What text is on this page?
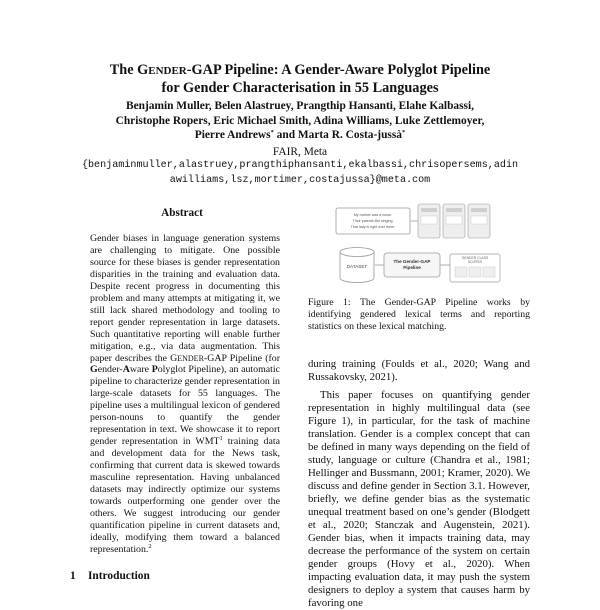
The GENDER-GAP Pipeline: A Gender-Aware Polyglot Pipeline
for Gender Characterisation in 55 Languages
Benjamin Muller, Belen Alastruey, Prangthip Hansanti, Elahe Kalbassi,
Christophe Ropers, Eric Michael Smith, Adina Williams, Luke Zettlemoyer,
Pierre Andrews* and Marta R. Costa-jussà*
FAIR, Meta
{benjaminmuller,alastruey,prangthiphansanti,ekalbassi,chrisopersems,adinawilliams,lsz,mortimer,costajussa}@meta.com
Abstract

Gender biases in language generation systems are challenging to mitigate. One possible source for these biases is gender representation disparities in the training and evaluation data. Despite recent progress in documenting this problem and many attempts at mitigating it, we still lack shared methodology and tooling to report gender representation in large datasets. Such quantitative reporting will enable further mitigation, e.g., via data augmentation. This paper describes the GENDER-GAP Pipeline (for Gender-Aware Polyglot Pipeline), an automatic pipeline to characterize gender representation in large-scale datasets for 55 languages. The pipeline uses a multilingual lexicon of gendered person-nouns to quantify the gender representation in text. We showcase it to report gender representation in WMT$^1$ training data and development data for the News task, confirming that current data is skewed towards masculine representation. Having unbalanced datasets may indirectly optimize our systems towards outperforming one gender over the others. We suggest introducing our gender quantification pipeline in current datasets and, ideally, modifying them toward a balanced representation.$^2$

1 Introduction
My mother was a nurse.
Their parents like singing.
That lady is right over there.
DATASET
The Gender-GAP
Pipeline
GENDER CLASS
SCORES

Figure 1: The Gender-GAP Pipeline works by identifying gendered lexical terms and reporting statistics on these lexical matching.

during training (Foulds et al., 2020; Wang and Russakovsky, 2021).

This paper focuses on quantifying gender representation in highly multilingual data (see Figure 1), in particular, for the task of machine translation. Gender is a complex concept that can be defined in many ways depending on the field of study, language or culture (Chandra et al., 1981; Hellinger and Bussmann, 2001; Kramer, 2020). We discuss and define gender in Section 3.1. However, briefly, we define gender bias as the systematic unequal treatment based on one’s gender (Blodgett et al., 2020; Stanczak and Augenstein, 2021). Gender bias, when it impacts training data, may decrease the performance of the system on certain gender groups (Hovy et al., 2020). When impacting evaluation data, it may push the system designers to deploy a system that causes harm by favoring one
